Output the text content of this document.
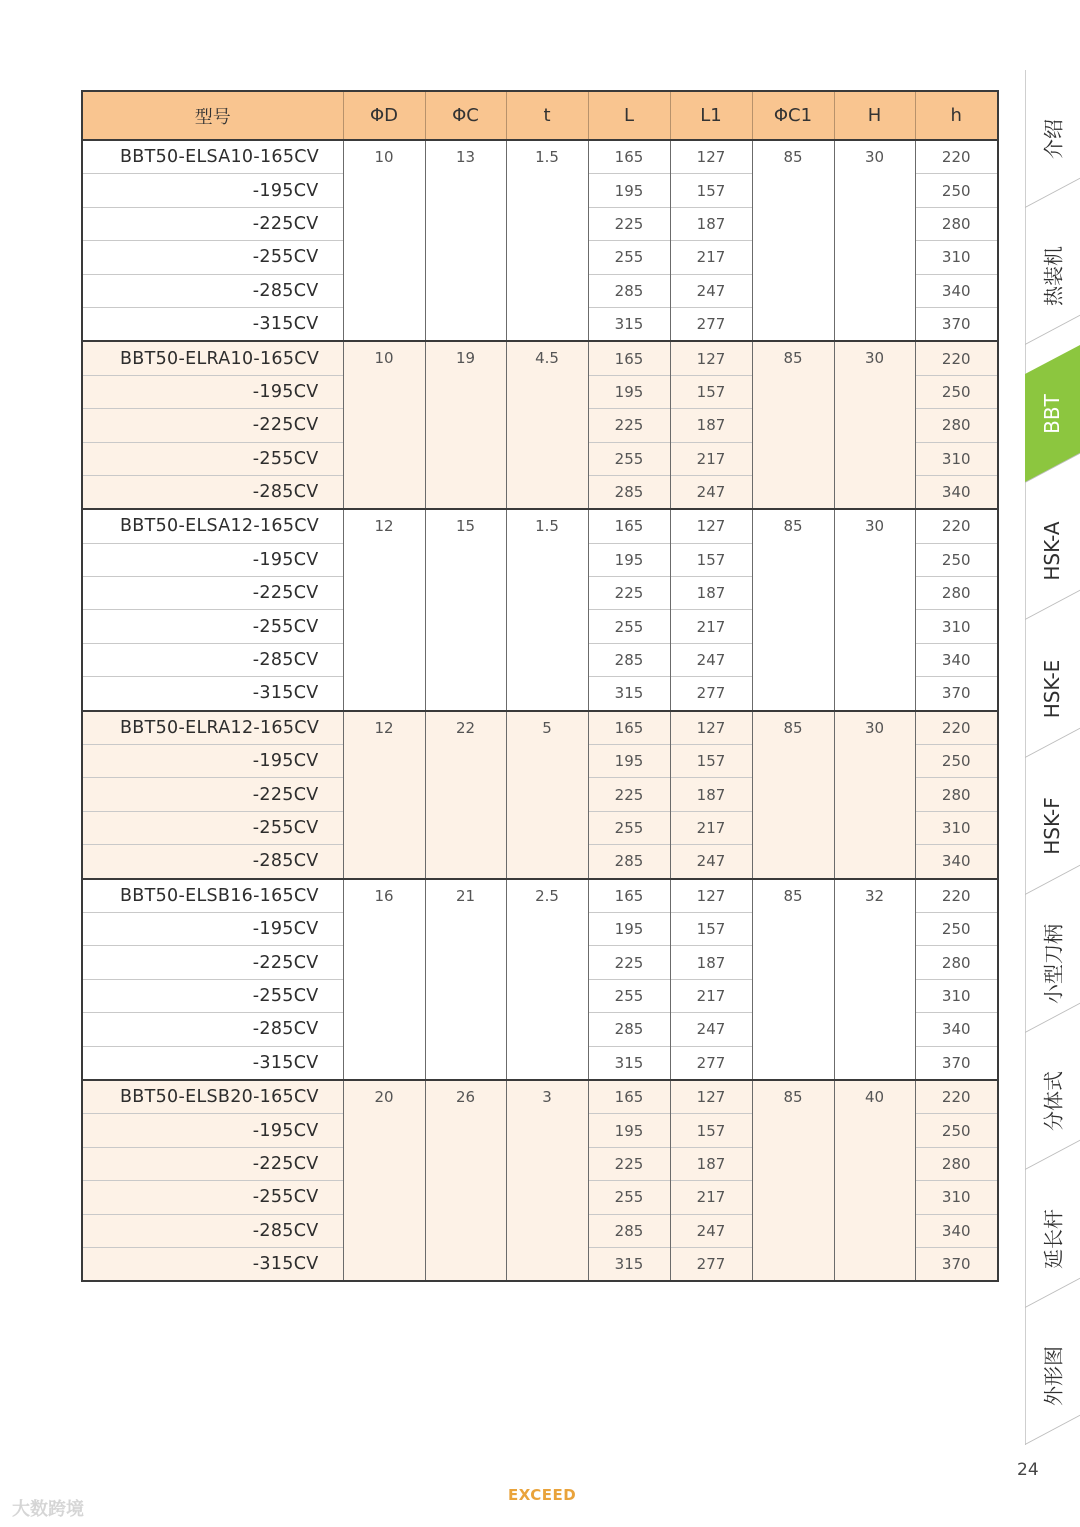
型号	ΦD	ΦC	t	L	L1	ΦC1	H	h
BBT50-ELSA10-165CV	10	13	1.5	165	127	85	30	220
-195CV				195	157			250
-225CV				225	187			280
-255CV				255	217			310
-285CV				285	247			340
-315CV				315	277			370
BBT50-ELRA10-165CV	10	19	4.5	165	127	85	30	220
-195CV				195	157			250
-225CV				225	187			280
-255CV				255	217			310
-285CV				285	247			340
BBT50-ELSA12-165CV	12	15	1.5	165	127	85	30	220
-195CV				195	157			250
-225CV				225	187			280
-255CV				255	217			310
-285CV				285	247			340
-315CV				315	277			370
BBT50-ELRA12-165CV	12	22	5	165	127	85	30	220
-195CV				195	157			250
-225CV				225	187			280
-255CV				255	217			310
-285CV				285	247			340
BBT50-ELSB16-165CV	16	21	2.5	165	127	85	32	220
-195CV				195	157			250
-225CV				225	187			280
-255CV				255	217			310
-285CV				285	247			340
-315CV				315	277			370
BBT50-ELSB20-165CV	20	26	3	165	127	85	40	220
-195CV				195	157			250
-225CV				225	187			280
-255CV				255	217			310
-285CV				285	247			340
-315CV				315	277			370
介绍
热装机
BBT
HSK-A
HSK-E
HSK-F
小型刀柄
分体式
延长杆
外形图
24
EXCEED
大数跨境
